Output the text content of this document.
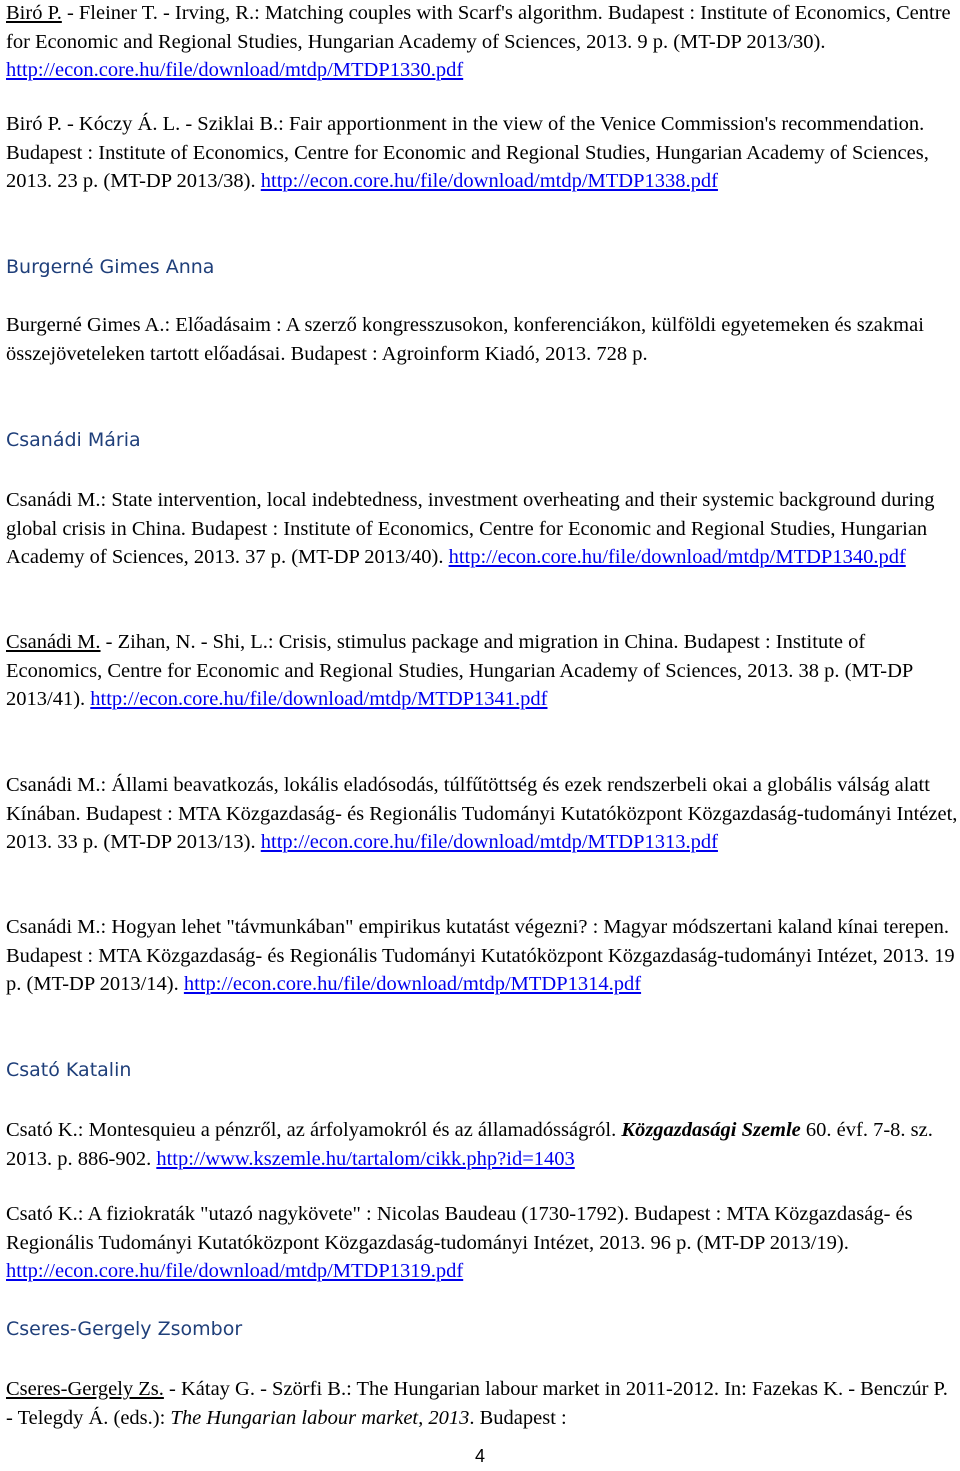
Biró P. - Fleiner T. - Irving, R.: Matching couples with Scarf's algorithm. Budapest : Institute of Economics, Centre for Economic and Regional Studies, Hungarian Academy of Sciences, 2013. 9 p. (MT-DP 2013/30). http://econ.core.hu/file/download/mtdp/MTDP1330.pdf
Biró P. - Kóczy Á. L. - Sziklai B.: Fair apportionment in the view of the Venice Commission's recommendation. Budapest : Institute of Economics, Centre for Economic and Regional Studies, Hungarian Academy of Sciences, 2013. 23 p. (MT-DP 2013/38). http://econ.core.hu/file/download/mtdp/MTDP1338.pdf
Burgerné Gimes Anna
Burgerné Gimes A.: Előadásaim : A szerző kongresszusokon, konferenciákon, külföldi egyetemeken és szakmai összejöveteleken tartott előadásai. Budapest : Agroinform Kiadó, 2013. 728 p.
Csanádi Mária
Csanádi M.: State intervention, local indebtedness, investment overheating and their systemic background during global crisis in China. Budapest : Institute of Economics, Centre for Economic and Regional Studies, Hungarian Academy of Sciences, 2013. 37 p. (MT-DP 2013/40). http://econ.core.hu/file/download/mtdp/MTDP1340.pdf
Csanádi M. - Zihan, N. - Shi, L.: Crisis, stimulus package and migration in China. Budapest : Institute of Economics, Centre for Economic and Regional Studies, Hungarian Academy of Sciences, 2013. 38 p. (MT-DP 2013/41). http://econ.core.hu/file/download/mtdp/MTDP1341.pdf
Csanádi M.: Állami beavatkozás, lokális eladósodás, túlfűtöttség és ezek rendszerbeli okai a globális válság alatt Kínában. Budapest : MTA Közgazdaság- és Regionális Tudományi Kutatóközpont Közgazdaság-tudományi Intézet, 2013. 33 p. (MT-DP 2013/13). http://econ.core.hu/file/download/mtdp/MTDP1313.pdf
Csanádi M.: Hogyan lehet "távmunkában" empirikus kutatást végezni? : Magyar módszertani kaland kínai terepen. Budapest : MTA Közgazdaság- és Regionális Tudományi Kutatóközpont Közgazdaság-tudományi Intézet, 2013. 19 p. (MT-DP 2013/14). http://econ.core.hu/file/download/mtdp/MTDP1314.pdf
Csató Katalin
Csató K.: Montesquieu a pénzről, az árfolyamokról és az államadósságról. Közgazdasági Szemle 60. évf. 7-8. sz. 2013. p. 886-902. http://www.kszemle.hu/tartalom/cikk.php?id=1403
Csató K.: A fiziokraták "utazó nagykövete" : Nicolas Baudeau (1730-1792). Budapest : MTA Közgazdaság- és Regionális Tudományi Kutatóközpont Közgazdaság-tudományi Intézet, 2013. 96 p. (MT-DP 2013/19). http://econ.core.hu/file/download/mtdp/MTDP1319.pdf
Cseres-Gergely Zsombor
Cseres-Gergely Zs. - Kátay G. - Szörfi B.: The Hungarian labour market in 2011-2012. In: Fazekas K. - Benczúr P. - Telegdy Á. (eds.): The Hungarian labour market, 2013. Budapest :
4
